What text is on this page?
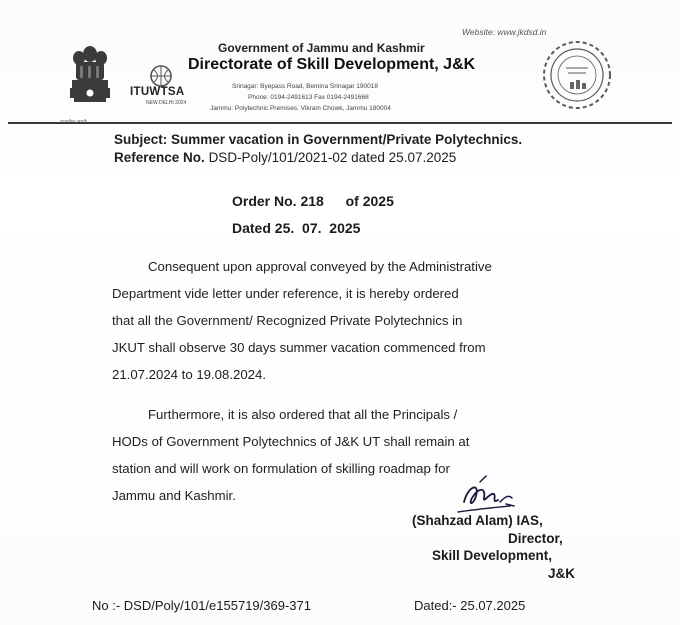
Website: www.jkdsd.in
ITUWTSA
NEW DELHI 2024
Government of Jammu and Kashmir
Directorate of Skill Development, J&K
Srinagar: Byepass Road, Bemina Srinagar 190018
Phone: 0194-2491613 Fax 0194-2491668
Jammu: Polytechnic Premises, Vikram Chowk, Jammu 180004
Subject: Summer vacation in Government/Private Polytechnics.
Reference No. DSD-Poly/101/2021-02 dated 25.07.2025
Order No. 218 of 2025
Dated 25.  07.  2025
Consequent upon approval conveyed by the Administrative
Department vide letter under reference, it is hereby ordered
that all the Government/ Recognized Private Polytechnics in
JKUT shall observe 30 days summer vacation commenced from
21.07.2024 to 19.08.2024.
Furthermore, it is also ordered that all the Principals /
HODs of Government Polytechnics of J&K UT shall remain at
station and will work on formulation of skilling roadmap for
Jammu and Kashmir.
(Shahzad Alam) IAS,
Director,
Skill Development,
J&K
No :- DSD/Poly/101/e155719/369-371	Dated:- 25.07.2025
